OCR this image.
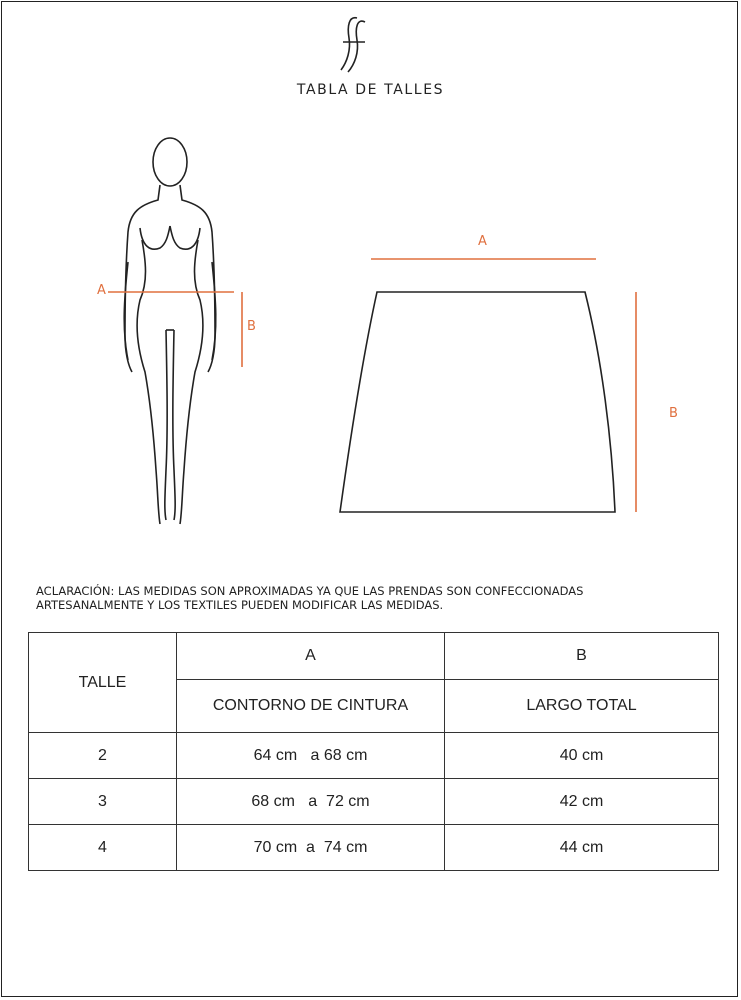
TABLA DE TALLES
A
B
A
B
ACLARACIÓN: LAS MEDIDAS SON APROXIMADAS YA QUE LAS PRENDAS SON CONFECCIONADAS
ARTESANALMENTE Y LOS TEXTILES PUEDEN MODIFICAR LAS MEDIDAS.
TALLE	A	B
	CONTORNO DE CINTURA	LARGO TOTAL
2	64 cm   a 68 cm	40 cm
3	68 cm   a  72 cm	42 cm
4	70 cm  a  74 cm	44 cm
